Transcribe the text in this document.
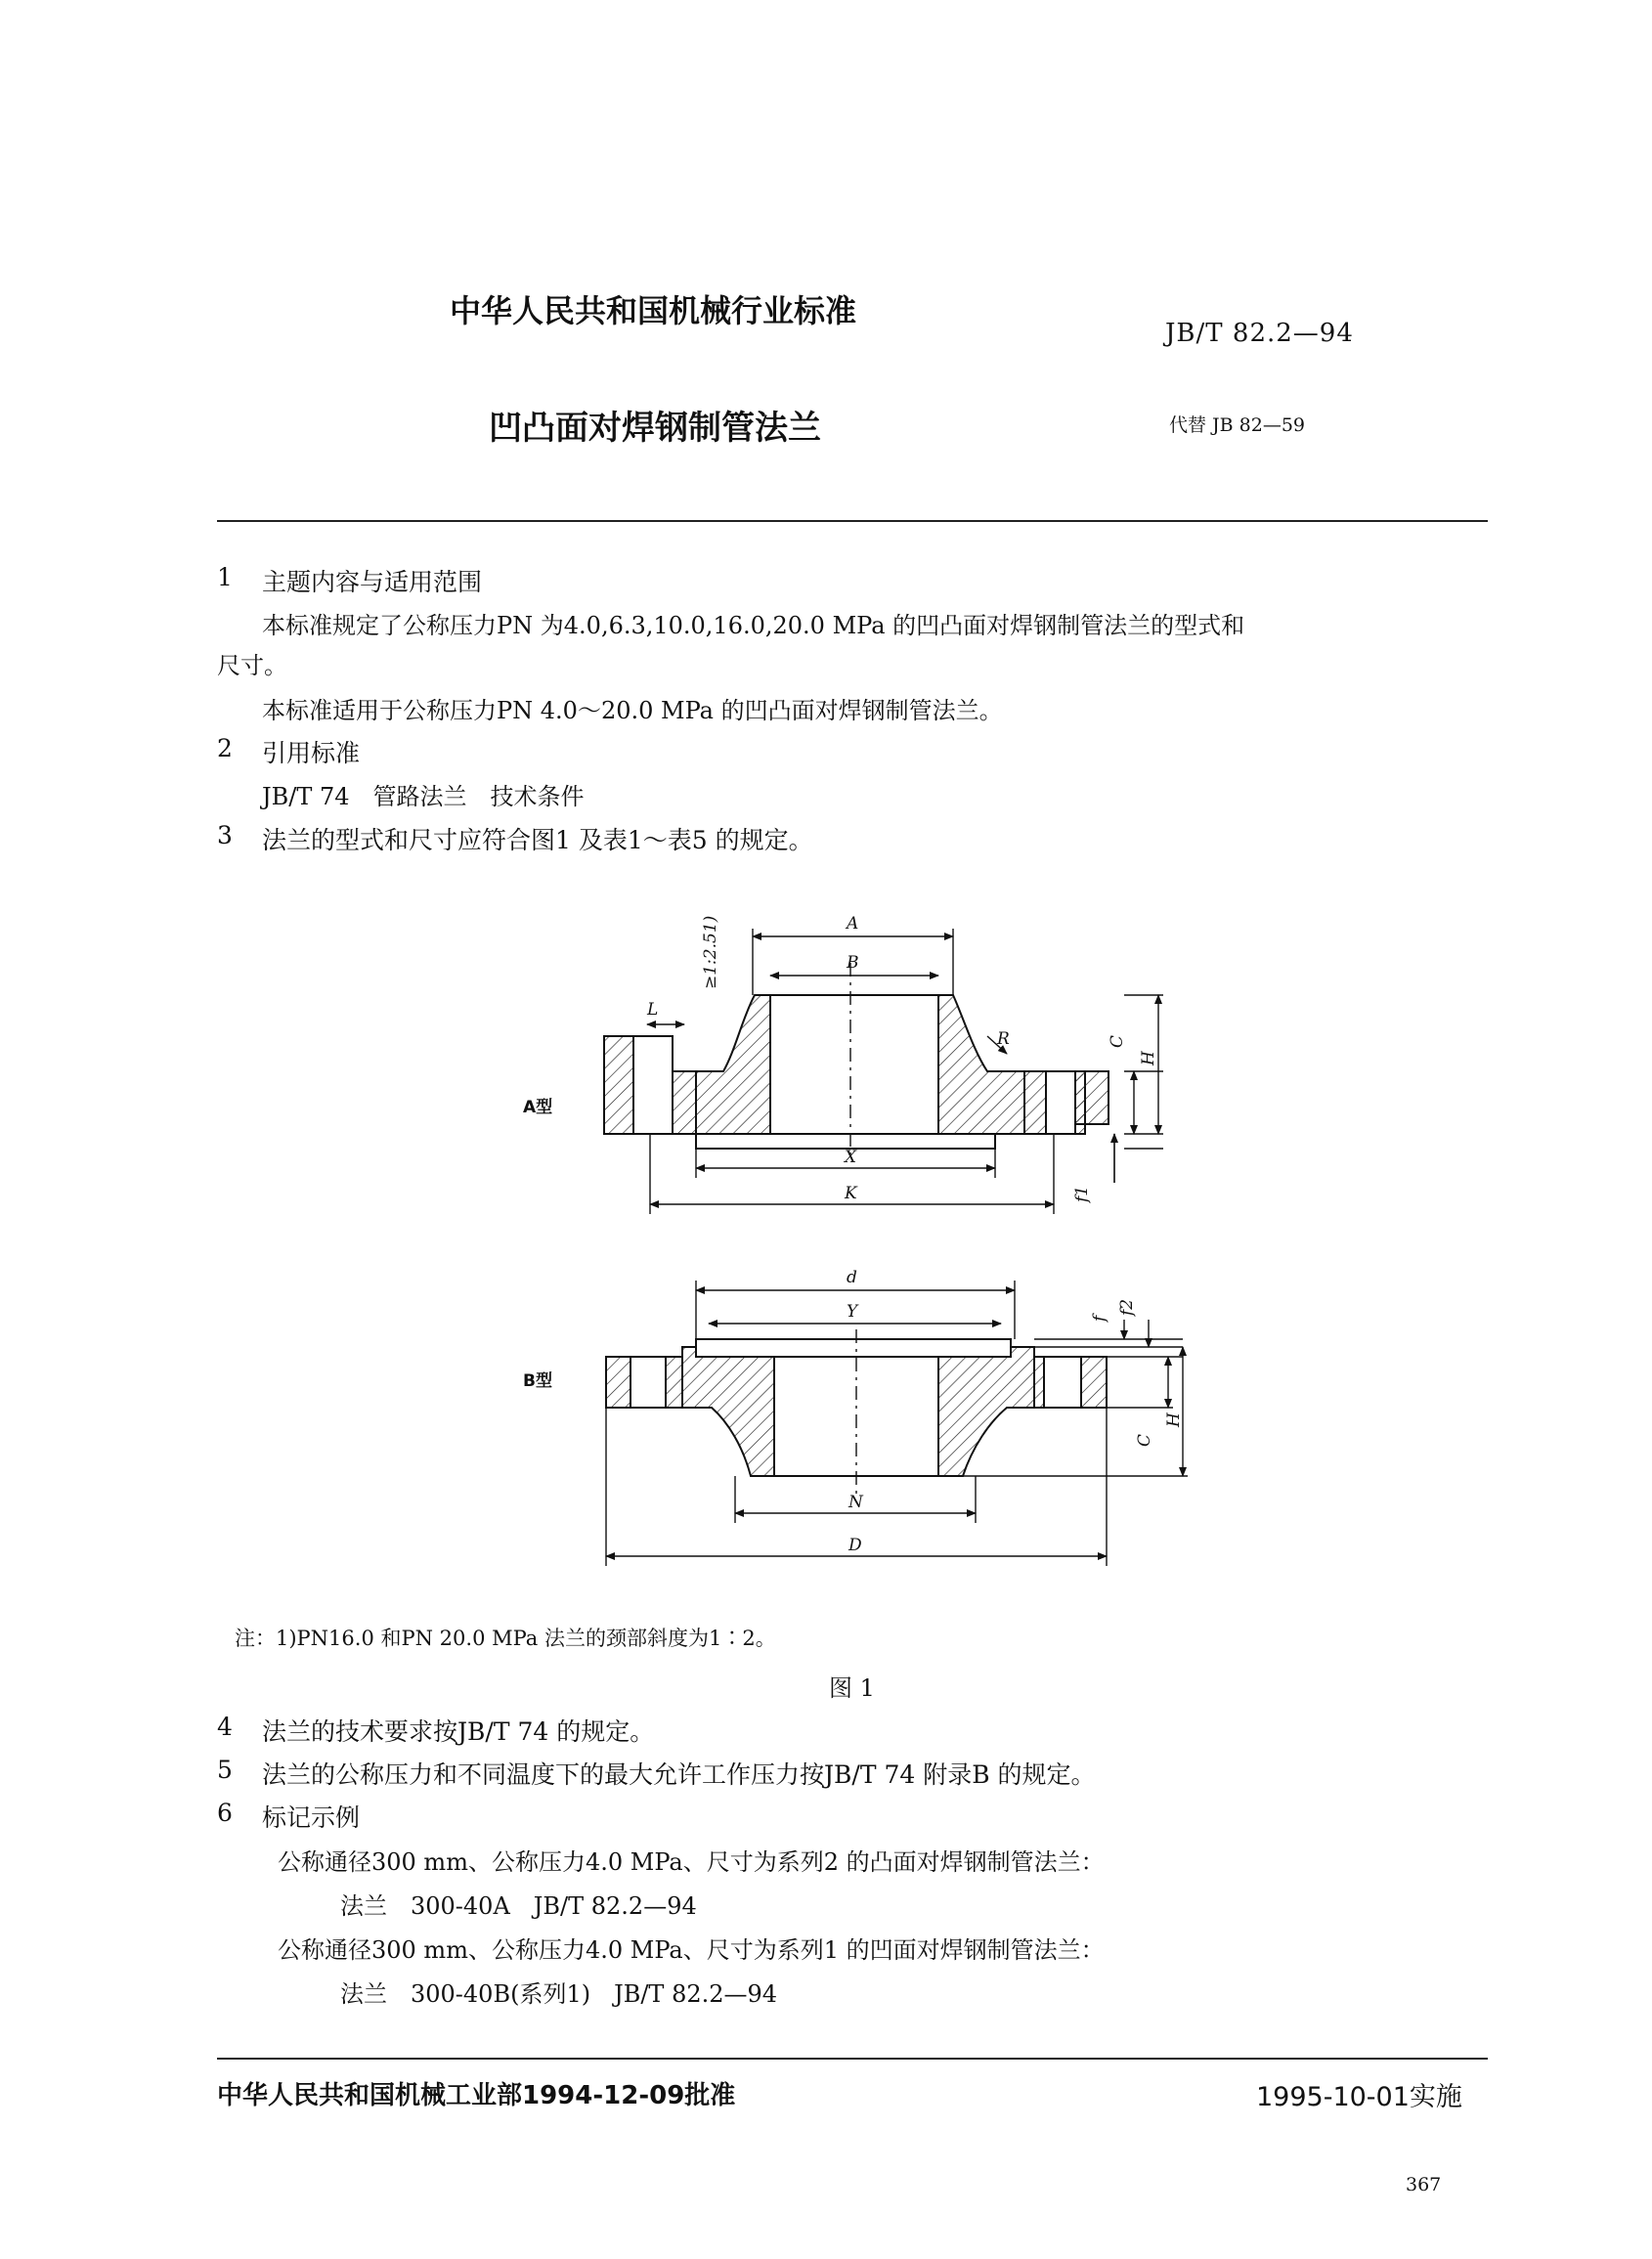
中华人民共和国机械行业标准
JB/T 82.2—94
凹凸面对焊钢制管法兰	代替 JB 82—59
1 主题内容与适用范围
本标准规定了公称压力PN 为4.0,6.3,10.0,16.0,20.0 MPa 的凹凸面对焊钢制管法兰的型式和
尺寸。
本标准适用于公称压力PN 4.0～20.0 MPa 的凹凸面对焊钢制管法兰。
2 引用标准
JB/T 74　管路法兰　技术条件
3 法兰的型式和尺寸应符合图1 及表1～表5 的规定。
A型
A
B
L
R	C
H
X
K	f1
≥1:2.51)
B型
d
Y	f
f2
C
H
N
D
注：1)PN16.0 和PN 20.0 MPa 法兰的颈部斜度为1∶2。
图 1
4 法兰的技术要求按JB/T 74 的规定。
5 法兰的公称压力和不同温度下的最大允许工作压力按JB/T 74 附录B 的规定。
6 标记示例
公称通径300 mm、公称压力4.0 MPa、尺寸为系列2 的凸面对焊钢制管法兰：
法兰　300-40A　JB/T 82.2—94
公称通径300 mm、公称压力4.0 MPa、尺寸为系列1 的凹面对焊钢制管法兰：
法兰　300-40B(系列1)　JB/T 82.2—94
中华人民共和国机械工业部1994-12-09批准	1995-10-01实施
367
